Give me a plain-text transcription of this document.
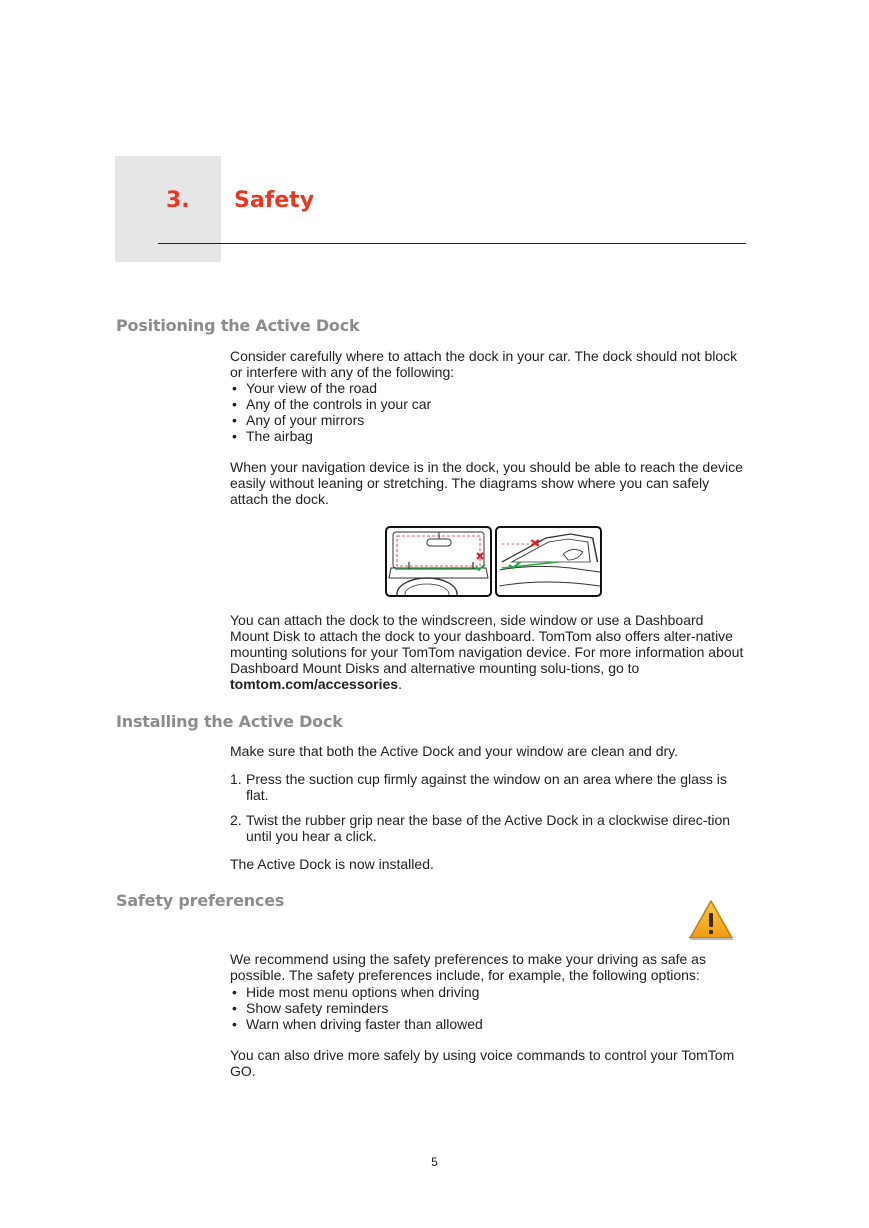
3. Safety
Positioning the Active Dock

Consider carefully where to attach the dock in your car. The dock should not block or interfere with any of the following:

• Your view of the road
• Any of the controls in your car
• Any of your mirrors
• The airbag

When your navigation device is in the dock, you should be able to reach the device easily without leaning or stretching. The diagrams show where you can safely attach the dock.

You can attach the dock to the windscreen, side window or use a Dashboard Mount Disk to attach the dock to your dashboard. TomTom also offers alter-native mounting solutions for your TomTom navigation device. For more information about Dashboard Mount Disks and alternative mounting solu-tions, go to tomtom.com/accessories.

Installing the Active Dock

Make sure that both the Active Dock and your window are clean and dry.

1. Press the suction cup firmly against the window on an area where the glass is flat.
2. Twist the rubber grip near the base of the Active Dock in a clockwise direc-tion until you hear a click.

The Active Dock is now installed.

Safety preferences

We recommend using the safety preferences to make your driving as safe as possible. The safety preferences include, for example, the following options:

• Hide most menu options when driving
• Show safety reminders
• Warn when driving faster than allowed

You can also drive more safely by using voice commands to control your TomTom GO.

5
